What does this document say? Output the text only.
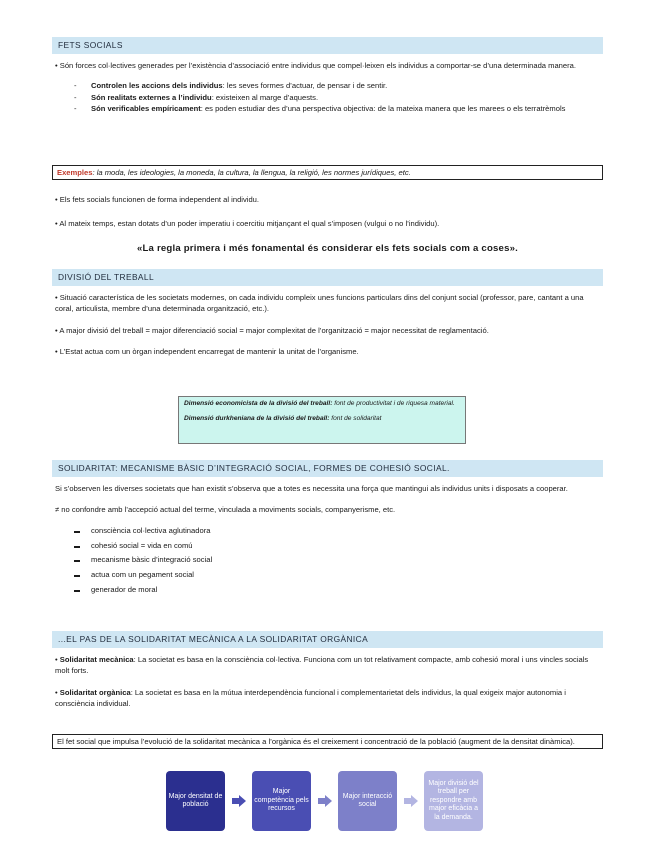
FETS SOCIALS

• Són forces col·lectives generades per l’existència d’associació entre individus que compel·leixen els individus a comportar-se d’una determinada manera.

- Controlen les accions dels individus: les seves formes d’actuar, de pensar i de sentir.
- Són realitats externes a l’individu: existeixen al marge d’aquests.
- Són verificables empíricament: es poden estudiar des d’una perspectiva objectiva: de la mateixa manera que les marees o els terratrèmols
Exemples: la moda, les ideologies, la moneda, la cultura, la llengua, la religió, les normes jurídiques, etc.

• Els fets socials funcionen de forma independent al individu.

• Al mateix temps, estan dotats d’un poder imperatiu i coercitiu mitjançant el qual s’imposen (vulgui o no l’individu).

«La regla primera i més fonamental és considerar els fets socials com a coses».
DIVISIÓ DEL TREBALL

• Situació característica de les societats modernes, on cada individu compleix unes funcions particulars dins del conjunt social (professor, pare, cantant a una coral, articulista, membre d’una determinada organització, etc.).

• A major divisió del treball = major diferenciació social = major complexitat de l’organització = major necessitat de reglamentació.

• L’Estat actua com un òrgan independent encarregat de mantenir la unitat de l’organisme.

SOLIDARITAT: MECANISME BÀSIC D’INTEGRACIÓ SOCIAL, FORMES DE COHESIÓ SOCIAL.

Si s’observen les diverses societats que han existit s’observa que a totes es necessita una força que mantingui als individus units i disposats a cooperar.

≠ no confondre amb l’accepció actual del terme, vinculada a moviments socials, companyerisme, etc.

consciència col·lectiva aglutinadora
cohesió social = vida en comú
mecanisme bàsic d’integració social
actua com un pegament social
generador de moral
...EL PAS DE LA SOLIDARITAT MECÀNICA A LA SOLIDARITAT ORGÀNICA

• Solidaritat mecànica: La societat es basa en la consciència col·lectiva. Funciona com un tot relativament compacte, amb cohesió moral i uns vincles socials molt forts.

• Solidaritat orgànica: La societat es basa en la mútua interdependència funcional i complementarietat dels individus, la qual exigeix major autonomia i consciència individual.

El fet social que impulsa l’evolució de la solidaritat mecànica a l’orgànica és el creixement i concentració de la població (augment de la densitat dinàmica).

Dimensió economicista de la divisió del treball: font de productivitat i de riquesa material.

Dimensió durkheniana de la divisió del treball: font de solidaritat

Major densitat de població
Major competència pels recursos
Major interacció social
Major divisió del treball per respondre amb major eficàcia a la demanda.
